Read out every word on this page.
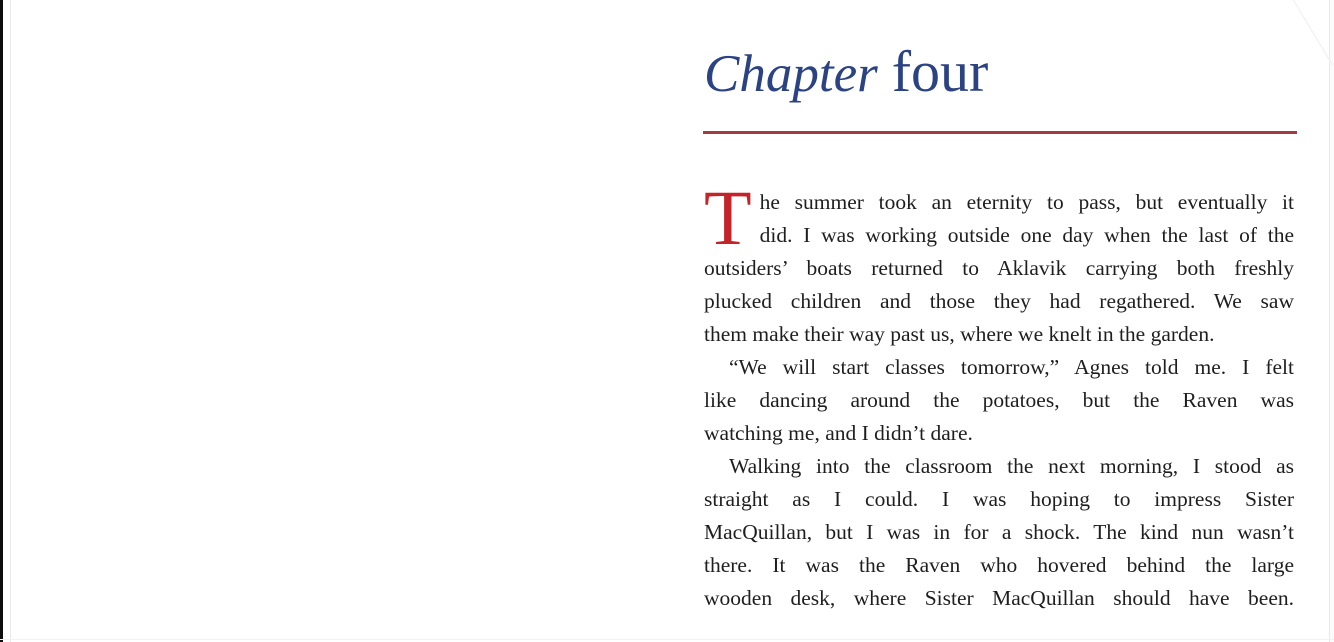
Chapter four
T he summer took an eternity to pass, but eventually it
did. I was working outside one day when the last of the
outsiders’ boats returned to Aklavik carrying both freshly
plucked children and those they had regathered. We saw
them make their way past us, where we knelt in the garden.
“We will start classes tomorrow,” Agnes told me. I felt
like dancing around the potatoes, but the Raven was
watching me, and I didn’t dare.
Walking into the classroom the next morning, I stood as
straight as I could. I was hoping to impress Sister
MacQuillan, but I was in for a shock. The kind nun wasn’t
there. It was the Raven who hovered behind the large
wooden desk, where Sister MacQuillan should have been.
